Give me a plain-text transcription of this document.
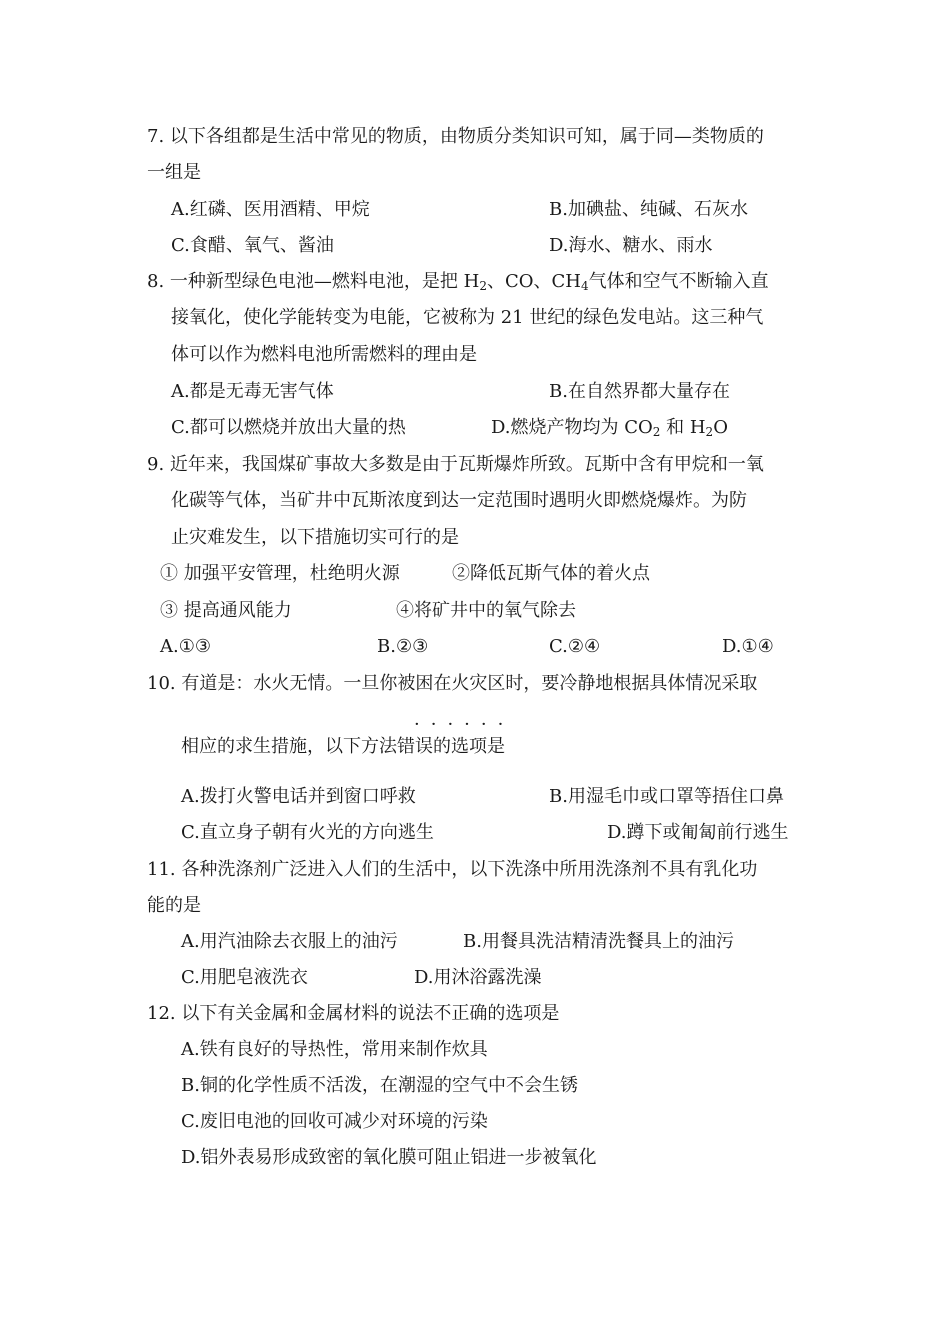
7. 以下各组都是生活中常见的物质，由物质分类知识可知，属于同—类物质的
一组是
A.红磷、医用酒精、甲烷	B.加碘盐、纯碱、石灰水
C.食醋、氧气、酱油	D.海水、糖水、雨水
8. 一种新型绿色电池—燃料电池，是把 $H_2$、CO、$CH_4$气体和空气不断输入直
接氧化，使化学能转变为电能，它被称为 21 世纪的绿色发电站。这三种气
体可以作为燃料电池所需燃料的理由是
A.都是无毒无害气体	B.在自然界都大量存在
C.都可以燃烧并放出大量的热	D.燃烧产物均为 $CO_2$ 和 $H_2O$
9. 近年来，我国煤矿事故大多数是由于瓦斯爆炸所致。瓦斯中含有甲烷和一氧
化碳等气体，当矿井中瓦斯浓度到达一定范围时遇明火即燃烧爆炸。为防
止灾难发生，以下措施切实可行的是
① 加强平安管理，杜绝明火源	②降低瓦斯气体的着火点
③ 提高通风能力	④将矿井中的氧气除去
A.①③	B.②③	C.②④	D.①④
10. 有道是：水火无情。一旦你被困在火灾区时，要冷静地根据具体情况采取
······
相应的求生措施，以下方法错误的选项是
A.拨打火警电话并到窗口呼救	B.用湿毛巾或口罩等捂住口鼻
C.直立身子朝有火光的方向逃生	D.蹲下或匍匐前行逃生
11. 各种洗涤剂广泛进入人们的生活中，以下洗涤中所用洗涤剂不具有乳化功
能的是
A.用汽油除去衣服上的油污	B.用餐具洗洁精清洗餐具上的油污
C.用肥皂液洗衣	D.用沐浴露洗澡
12. 以下有关金属和金属材料的说法不正确的选项是
A.铁有良好的导热性，常用来制作炊具
B.铜的化学性质不活泼，在潮湿的空气中不会生锈
C.废旧电池的回收可减少对环境的污染
D.铝外表易形成致密的氧化膜可阻止铝进一步被氧化
